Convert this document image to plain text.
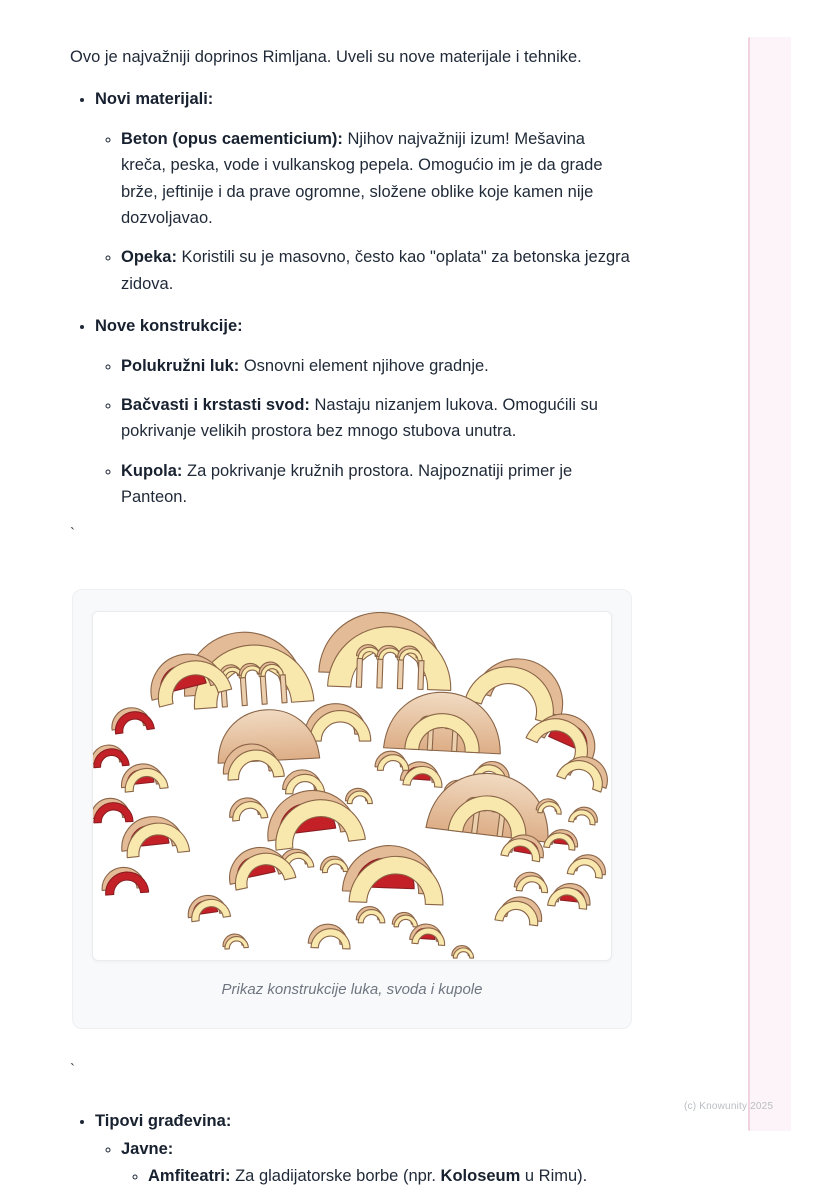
Ovo je najvažniji doprinos Rimljana. Uveli su nove materijale i tehnike.

• Novi materijali:
◦ Beton (opus caementicium): Njihov najvažniji izum! Mešavina kreča, peska, vode i vulkanskog pepela. Omogućio im je da grade brže, jeftinije i da prave ogromne, složene oblike koje kamen nije dozvoljavao.
◦ Opeka: Koristili su je masovno, često kao "oplata" za betonska jezgra zidova.
• Nove konstrukcije:
◦ Polukružni luk: Osnovni element njihove gradnje.
◦ Bačvasti i krstasti svod: Nastaju nizanjem lukova. Omogućili su pokrivanje velikih prostora bez mnogo stubova unutra.
◦ Kupola: Za pokrivanje kružnih prostora. Najpoznatiji primer je Panteon.
`
Prikaz konstrukcije luka, svoda i kupole
`
• Tipovi građevina:
◦ Javne:
◦ Amfiteatri: Za gladijatorske borbe (npr. Koloseum u Rimu).
(c) Knowunity 2025
